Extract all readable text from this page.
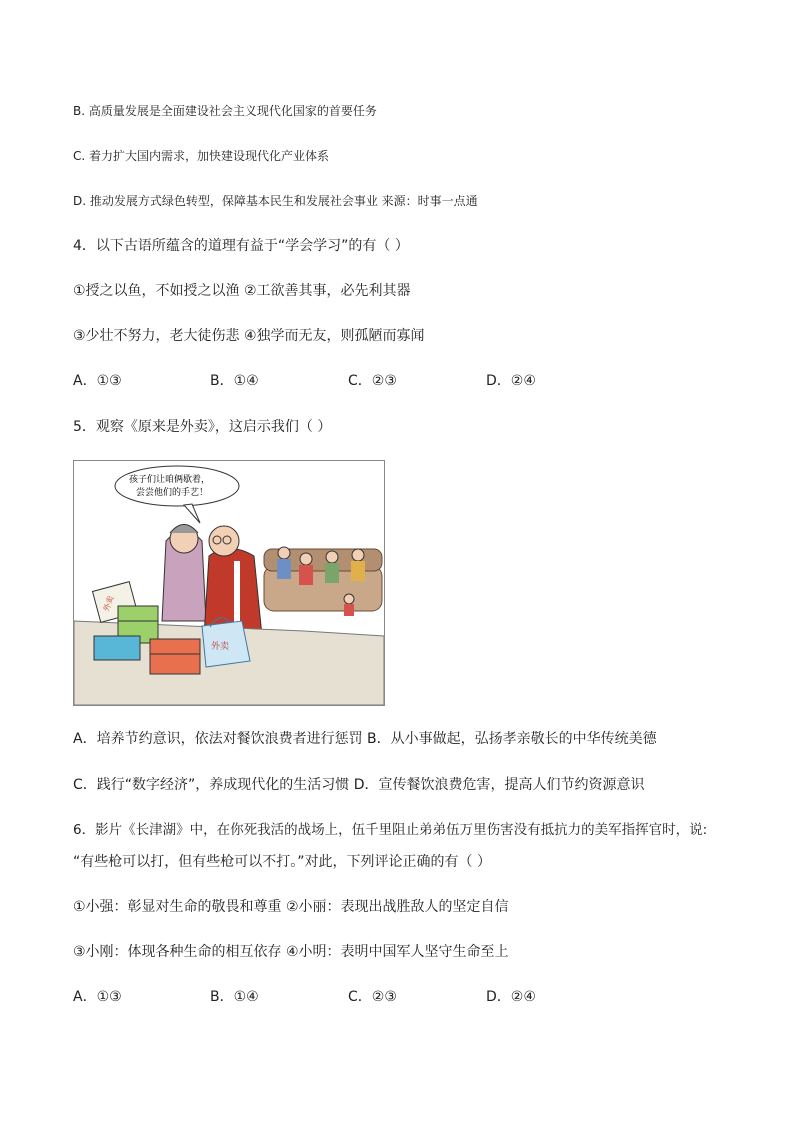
B. 高质量发展是全面建设社会主义现代化国家的首要任务
C. 着力扩大国内需求，加快建设现代化产业体系
D. 推动发展方式绿色转型，保障基本民生和发展社会事业 来源：时事一点通
4．以下古语所蕴含的道理有益于“学会学习”的有（ ）
①授之以鱼，不如授之以渔 ②工欲善其事，必先利其器
③少壮不努力，老大徒伤悲 ④独学而无友，则孤陋而寡闻
A．①③	B．①④	C．②③	D．②④
5．观察《原来是外卖》，这启示我们（ ）
孩子们让咱俩歇着，
尝尝他们的手艺！
外卖
外卖
A．培养节约意识，依法对餐饮浪费者进行惩罚 B．从小事做起，弘扬孝亲敬长的中华传统美德
C．践行“数字经济”，养成现代化的生活习惯 D．宣传餐饮浪费危害，提高人们节约资源意识
6．影片《长津湖》中，在你死我活的战场上，伍千里阻止弟弟伍万里伤害没有抵抗力的美军指挥官时，说:
“有些枪可以打，但有些枪可以不打。”对此，下列评论正确的有（ ）
①小强：彰显对生命的敬畏和尊重 ②小丽：表现出战胜敌人的坚定自信
③小刚：体现各种生命的相互依存 ④小明：表明中国军人坚守生命至上
A．①③	B．①④	C．②③	D．②④
